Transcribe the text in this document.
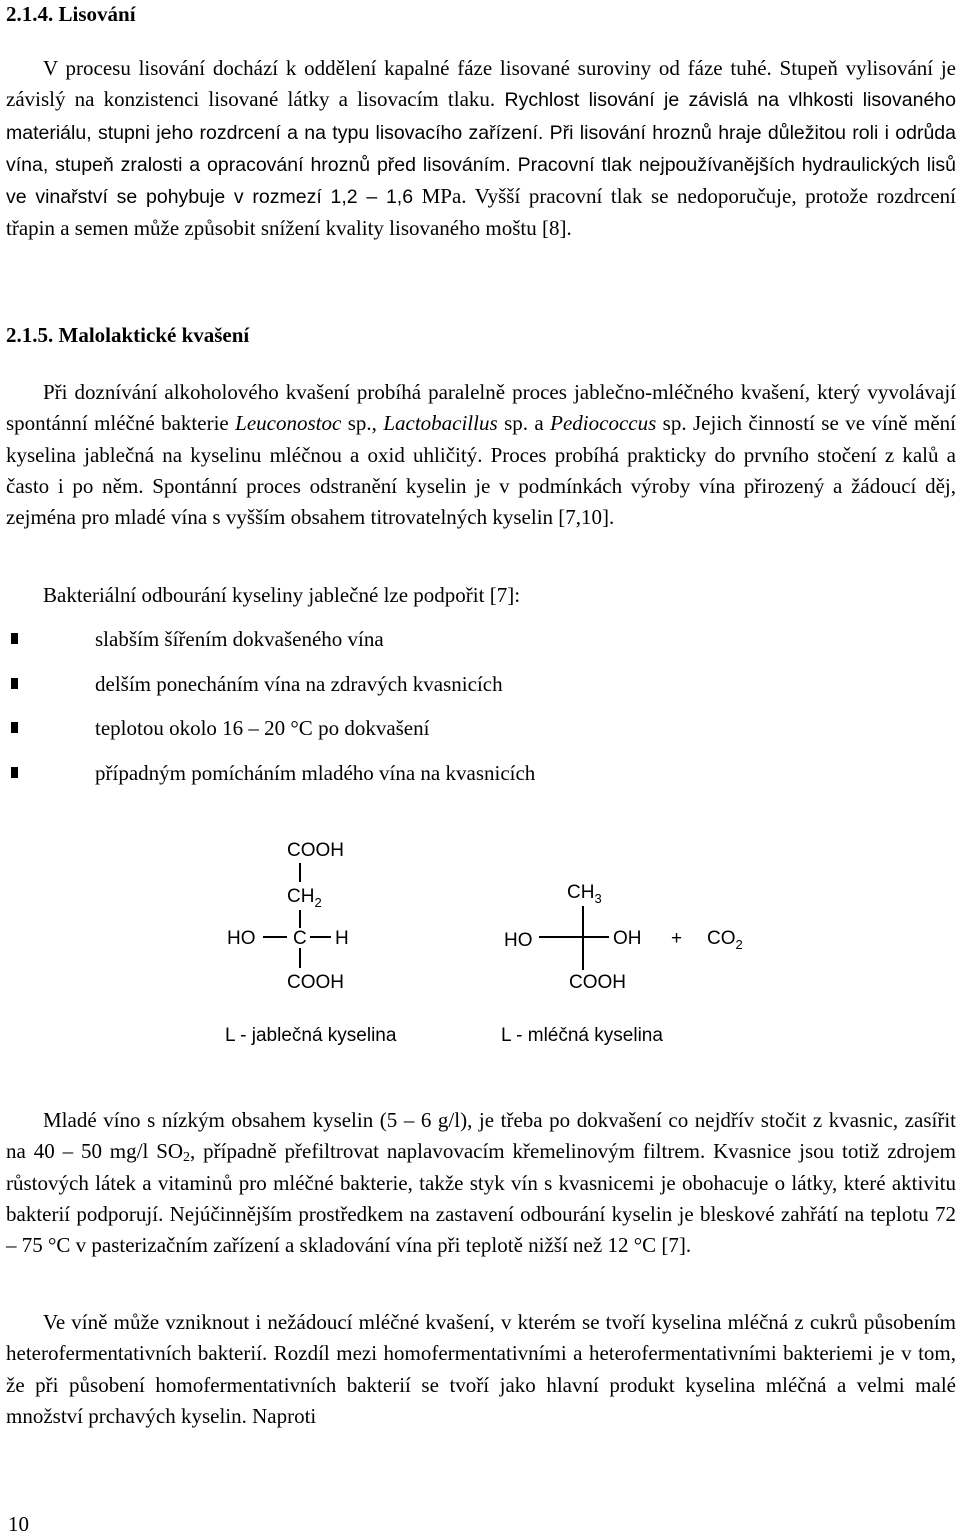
2.1.4. Lisování

V procesu lisování dochází k oddělení kapalné fáze lisované suroviny od fáze tuhé. Stupeň vylisování je závislý na konzistenci lisované látky a lisovacím tlaku. Rychlost lisování je závislá na vlhkosti lisovaného materiálu, stupni jeho rozdrcení a na typu lisovacího zařízení. Při lisování hroznů hraje důležitou roli i odrůda vína, stupeň zralosti a opracování hroznů před lisováním. Pracovní tlak nejpoužívanějších hydraulických lisů ve vinařství se pohybuje v rozmezí 1,2 – 1,6 MPa. Vyšší pracovní tlak se nedoporučuje, protože rozdrcení třapin a semen může způsobit snížení kvality lisovaného moštu [8].

2.1.5. Malolaktické kvašení

Při doznívání alkoholového kvašení probíhá paralelně proces jablečno-mléčného kvašení, který vyvolávají spontánní mléčné bakterie Leuconostoc sp., Lactobacillus sp. a Pediococcus sp. Jejich činností se ve víně mění kyselina jablečná na kyselinu mléčnou a oxid uhličitý. Proces probíhá prakticky do prvního stočení z kalů a často i po něm. Spontánní proces odstranění kyselin je v podmínkách výroby vína přirozený a žádoucí děj, zejména pro mladé vína s vyšším obsahem titrovatelných kyselin [7,10].

Bakteriální odbourání kyseliny jablečné lze podpořit [7]:

slabším šířením dokvašeného vína
delším ponecháním vína na zdravých kvasnicích
teplotou okolo 16 – 20 °C po dokvašení
případným pomícháním mladého vína na kvasnicích
COOH
$CH_2$
HO C H
COOH
L - jablečná kyselina
$CH_3$
HO	OH
COOH
L - mléčná kyselina
+ $CO_2$

Mladé víno s nízkým obsahem kyselin (5 – 6 g/l), je třeba po dokvašení co nejdřív stočit z kvasnic, zasířit na 40 – 50 mg/l $SO_2$, případně přefiltrovat naplavovacím křemelinovým filtrem. Kvasnice jsou totiž zdrojem růstových látek a vitaminů pro mléčné bakterie, takže styk vín s kvasnicemi je obohacuje o látky, které aktivitu bakterií podporují. Nejúčinnějším prostředkem na zastavení odbourání kyselin je bleskové zahřátí na teplotu 72 – 75 °C v pasterizačním zařízení a skladování vína při teplotě nižší než 12 °C [7].

Ve víně může vzniknout i nežádoucí mléčné kvašení, v kterém se tvoří kyselina mléčná z cukrů působením heterofermentativních bakterií. Rozdíl mezi homofermentativními a heterofermentativními bakteriemi je v tom, že při působení homofermentativních bakterií se tvoří jako hlavní produkt kyselina mléčná a velmi malé množství prchavých kyselin. Naproti

10
